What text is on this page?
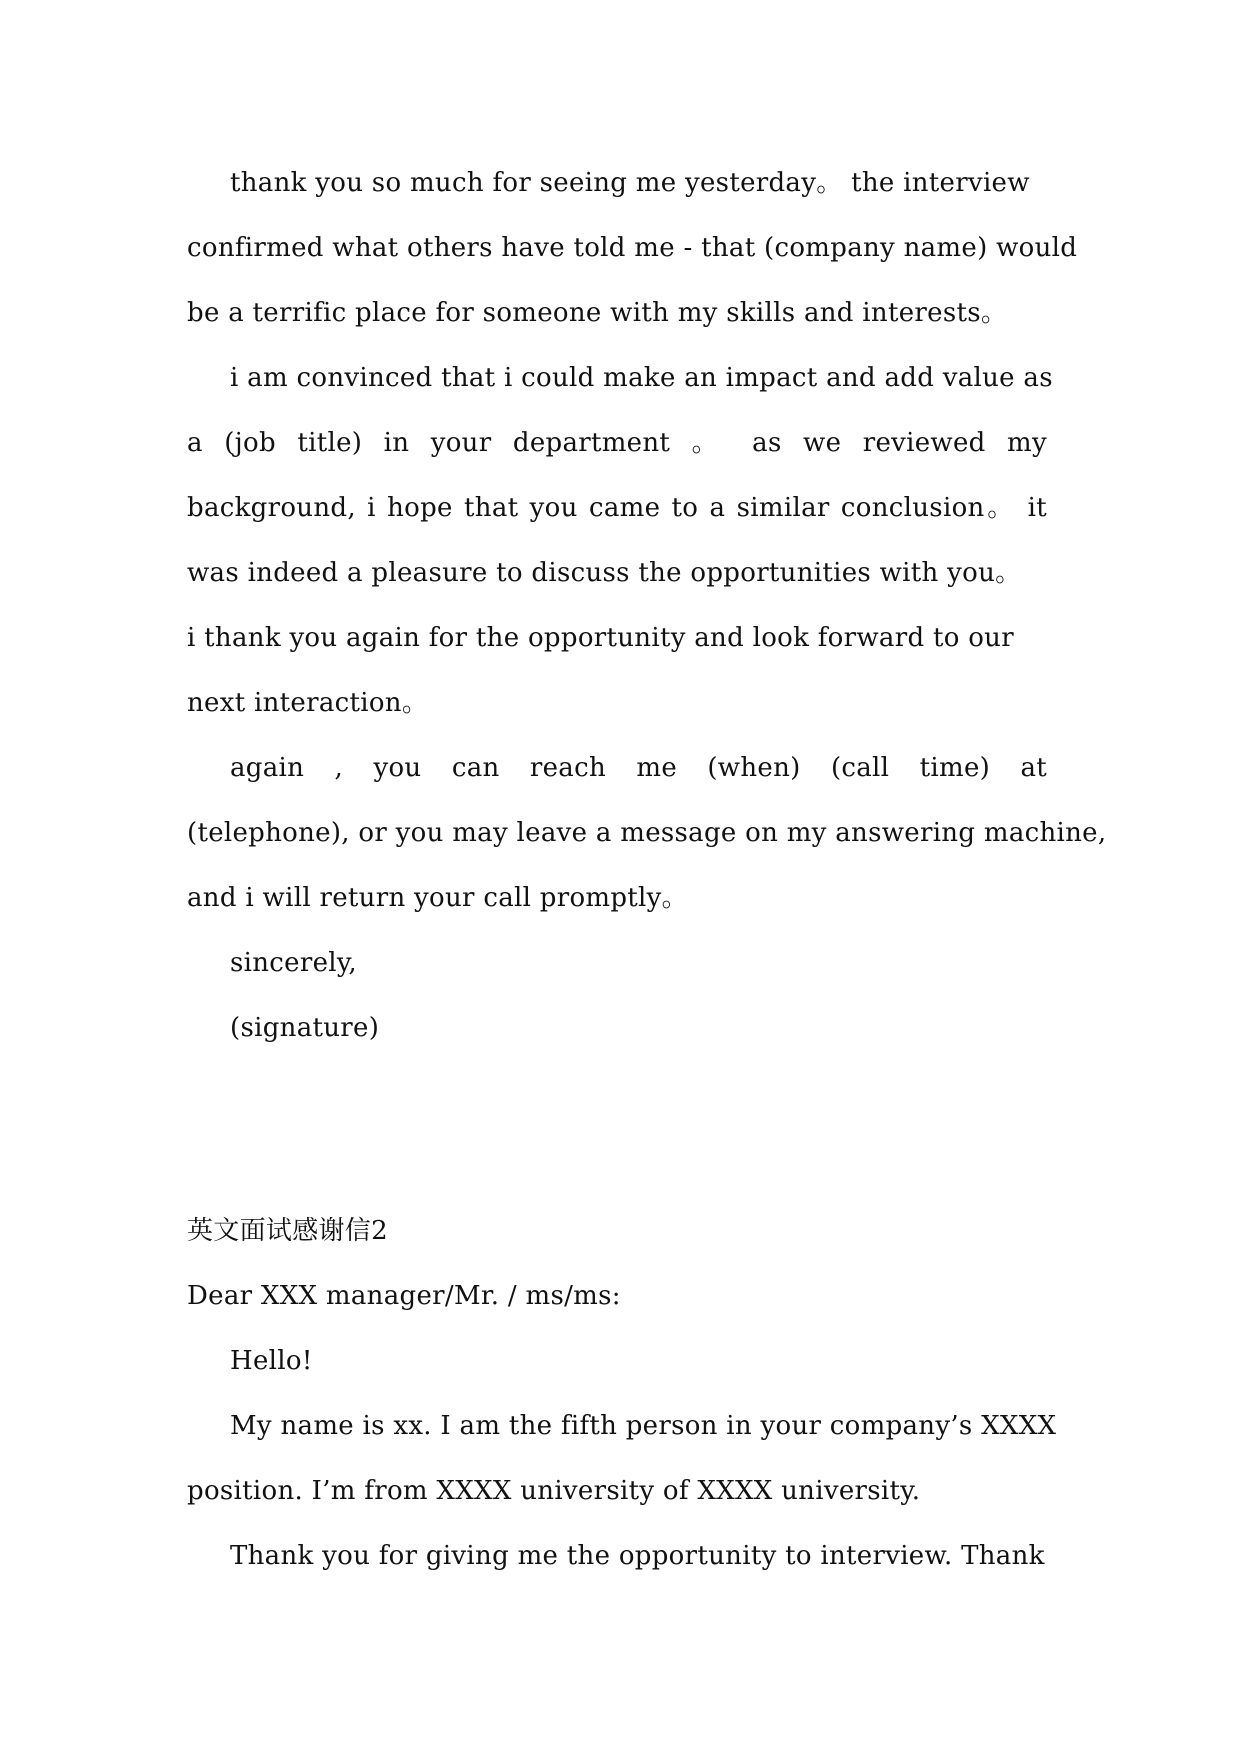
thank you so much for seeing me yesterday。 the interview
confirmed what others have told me - that (company name) would
be a terrific place for someone with my skills and interests。
i am convinced that i could make an impact and add value as
a (job title) in your department 。 as we reviewed my
background, i hope that you came to a similar conclusion。 it
was indeed a pleasure to discuss the opportunities with you。
i thank you again for the opportunity and look forward to our
next interaction。
again , you can reach me (when) (call time) at
(telephone), or you may leave a message on my answering machine,
and i will return your call promptly。
sincerely,
(signature)
英文面试感谢信2
Dear XXX manager/Mr. / ms/ms:
Hello!
My name is xx. I am the fifth person in your company’s XXXX
position. I’m from XXXX university of XXXX university.
Thank you for giving me the opportunity to interview. Thank
